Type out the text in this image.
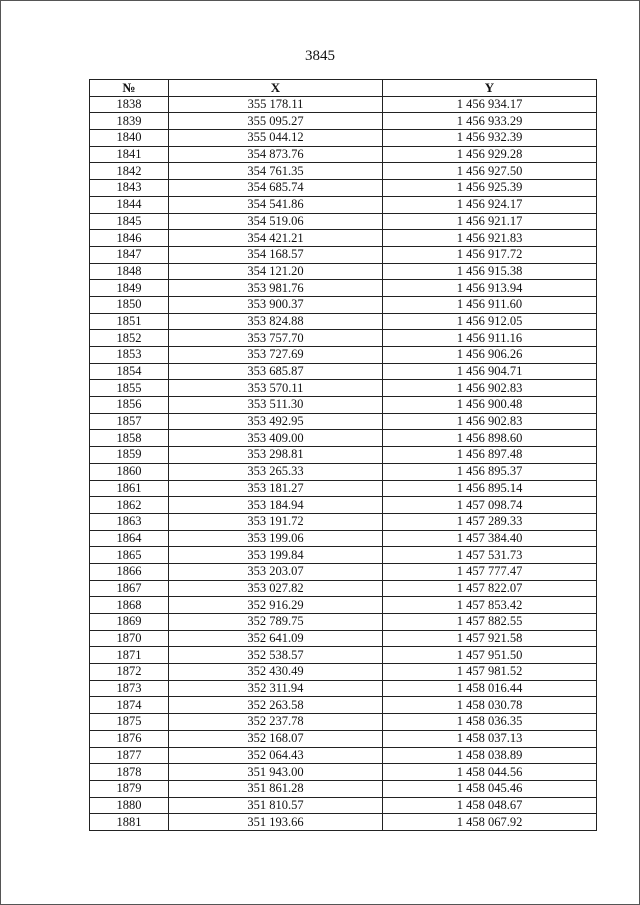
3845
№	X	Y
1838	355 178.11	1 456 934.17
1839	355 095.27	1 456 933.29
1840	355 044.12	1 456 932.39
1841	354 873.76	1 456 929.28
1842	354 761.35	1 456 927.50
1843	354 685.74	1 456 925.39
1844	354 541.86	1 456 924.17
1845	354 519.06	1 456 921.17
1846	354 421.21	1 456 921.83
1847	354 168.57	1 456 917.72
1848	354 121.20	1 456 915.38
1849	353 981.76	1 456 913.94
1850	353 900.37	1 456 911.60
1851	353 824.88	1 456 912.05
1852	353 757.70	1 456 911.16
1853	353 727.69	1 456 906.26
1854	353 685.87	1 456 904.71
1855	353 570.11	1 456 902.83
1856	353 511.30	1 456 900.48
1857	353 492.95	1 456 902.83
1858	353 409.00	1 456 898.60
1859	353 298.81	1 456 897.48
1860	353 265.33	1 456 895.37
1861	353 181.27	1 456 895.14
1862	353 184.94	1 457 098.74
1863	353 191.72	1 457 289.33
1864	353 199.06	1 457 384.40
1865	353 199.84	1 457 531.73
1866	353 203.07	1 457 777.47
1867	353 027.82	1 457 822.07
1868	352 916.29	1 457 853.42
1869	352 789.75	1 457 882.55
1870	352 641.09	1 457 921.58
1871	352 538.57	1 457 951.50
1872	352 430.49	1 457 981.52
1873	352 311.94	1 458 016.44
1874	352 263.58	1 458 030.78
1875	352 237.78	1 458 036.35
1876	352 168.07	1 458 037.13
1877	352 064.43	1 458 038.89
1878	351 943.00	1 458 044.56
1879	351 861.28	1 458 045.46
1880	351 810.57	1 458 048.67
1881	351 193.66	1 458 067.92
